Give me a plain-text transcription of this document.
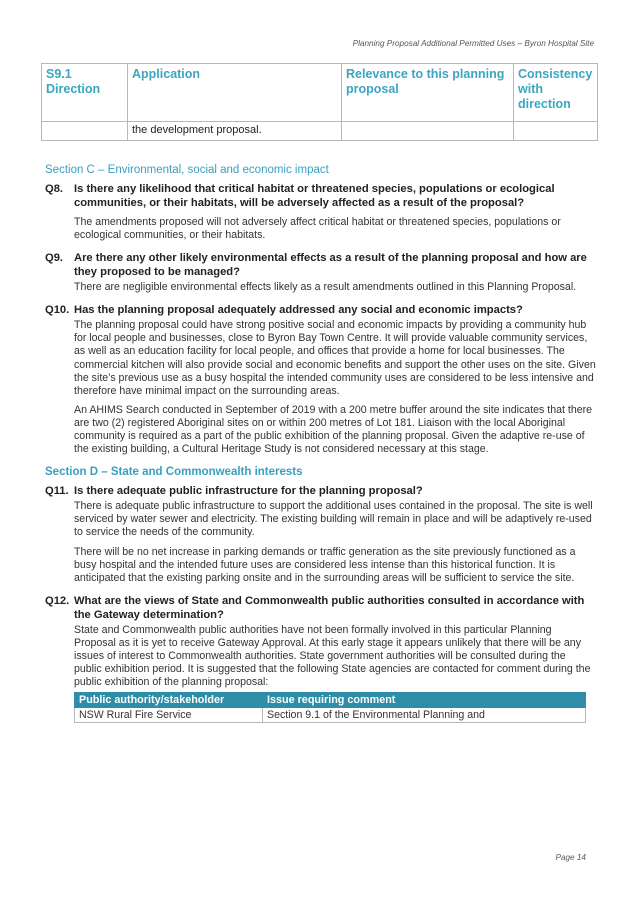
Planning Proposal Additional Permitted Uses – Byron Hospital Site
S9.1 Direction	Application	Relevance to this planning proposal	Consistency with direction
	the development proposal.		
Section C – Environmental, social and economic impact
Q8. Is there any likelihood that critical habitat or threatened species, populations or ecological communities, or their habitats, will be adversely affected as a result of the proposal?

The amendments proposed will not adversely affect critical habitat or threatened species, populations or ecological communities, or their habitats.

Q9. Are there any other likely environmental effects as a result of the planning proposal and how are they proposed to be managed?

There are negligible environmental effects likely as a result amendments outlined in this Planning Proposal.

Q10. Has the planning proposal adequately addressed any social and economic impacts?

The planning proposal could have strong positive social and economic impacts by providing a community hub for local people and businesses, close to Byron Bay Town Centre. It will provide valuable community services, as well as an education facility for local people, and offices that provide a home for local businesses. The commercial kitchen will also provide social and economic benefits and support the other uses on the site. Given the site’s previous use as a busy hospital the intended community uses are considered to be less intensive and therefore have minimal impact on the surrounding areas.

An AHIMS Search conducted in September of 2019 with a 200 metre buffer around the site indicates that there are two (2) registered Aboriginal sites on or within 200 metres of Lot 181. Liaison with the local Aboriginal community is required as a part of the public exhibition of the planning proposal. Given the adaptive re-use of the existing building, a Cultural Heritage Study is not considered necessary at this stage.

Section D – State and Commonwealth interests
Q11. Is there adequate public infrastructure for the planning proposal?

There is adequate public infrastructure to support the additional uses contained in the proposal. The site is well serviced by water sewer and electricity. The existing building will remain in place and will be adaptively re-used to service the needs of the community.

There will be no net increase in parking demands or traffic generation as the site previously functioned as a busy hospital and the intended future uses are considered less intense than this historical function. It is anticipated that the existing parking onsite and in the surrounding areas will be sufficient to service the site.

Q12. What are the views of State and Commonwealth public authorities consulted in accordance with the Gateway determination?

State and Commonwealth public authorities have not been formally involved in this particular Planning Proposal as it is yet to receive Gateway Approval. At this early stage it appears unlikely that there will be any issues of interest to Commonwealth authorities. State government authorities will be consulted during the public exhibition period. It is suggested that the following State agencies are contacted for comment during the public exhibition of the planning proposal:

Public authority/stakeholder	Issue requiring comment
NSW Rural Fire Service	Section 9.1 of the Environmental Planning and
Page 14
